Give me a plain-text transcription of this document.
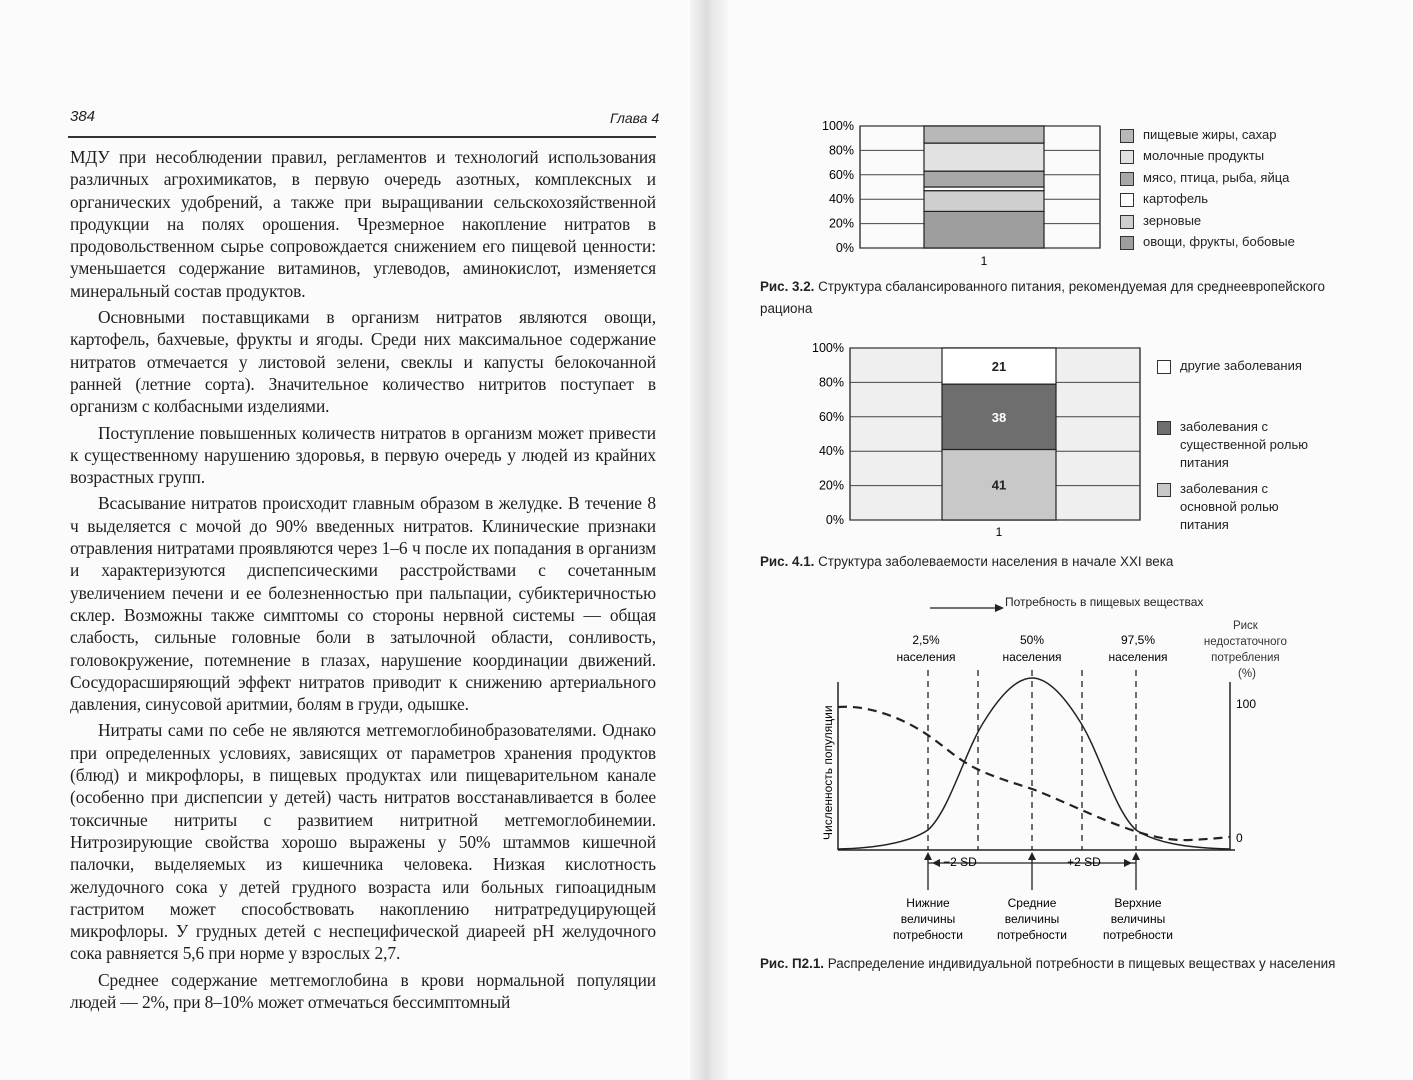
384	Глава 4

МДУ при несоблюдении правил, регламентов и технологий использования различных агрохимикатов, в первую очередь азотных, комплексных и органических удобрений, а также при выращивании сельскохозяйственной продукции на полях орошения. Чрезмерное накопление нитратов в продовольственном сырье сопровождается снижением его пищевой ценности: уменьшается содержание витаминов, углеводов, аминокислот, изменяется минеральный состав продуктов.

Основными поставщиками в организм нитратов являются овощи, картофель, бахчевые, фрукты и ягоды. Среди них максимальное содержание нитратов отмечается у листовой зелени, свеклы и капусты белокочанной ранней (летние сорта). Значительное количество нитритов поступает в организм с колбасными изделиями.

Поступление повышенных количеств нитратов в организм может привести к существенному нарушению здоровья, в первую очередь у людей из крайних возрастных групп.

Всасывание нитратов происходит главным образом в желудке. В течение 8 ч выделяется с мочой до 90% введенных нитратов. Клинические признаки отравления нитратами проявляются через 1–6 ч после их попадания в организм и характеризуются диспепсическими расстройствами с сочетанным увеличением печени и ее болезненностью при пальпации, субиктеричностью склер. Возможны также симптомы со стороны нервной системы — общая слабость, сильные головные боли в затылочной области, сонливость, головокружение, потемнение в глазах, нарушение координации движений. Сосудорасширяющий эффект нитратов приводит к снижению артериального давления, синусовой аритмии, болям в груди, одышке.

Нитраты сами по себе не являются метгемоглобинобразователями. Однако при определенных условиях, зависящих от параметров хранения продуктов (блюд) и микрофлоры, в пищевых продуктах или пищеварительном канале (особенно при диспепсии у детей) часть нитратов восстанавливается в более токсичные нитриты с развитием нитритной метгемоглобинемии. Нитрозирующие свойства хорошо выражены у 50% штаммов кишечной палочки, выделяемых из кишечника человека. Низкая кислотность желудочного сока у детей грудного возраста или больных гипоацидным гастритом может способствовать накоплению нитратредуцирующей микрофлоры. У грудных детей с неспецифической диареей pH желудочного сока равняется 5,6 при норме у взрослых 2,7.

Среднее содержание метгемоглобина в крови нормальной популяции людей — 2%, при 8–10% может отмечаться бессимптомный

0%
20%
40%
60%
80%
100%
1
пищевые жиры, сахар
молочные продукты
мясо, птица, рыба, яйца
картофель
зерновые
овощи, фрукты, бобовые
Рис. 3.2. Структура сбалансированного питания, рекомендуемая для среднеевропейского рациона
0%
20%
40%
60%
80%
100%
41
38
21
1
другие заболевания
заболевания с существенной ролью питания
заболевания с основной ролью питания
Рис. 4.1. Структура заболеваемости населения в начале XXI века
Потребность в пищевых веществах
2,5%
населения
50%
населения
97,5%
населения
Риск недостаточного потребления (%)
100
0
Численность популяции
−2 SD	+2 SD
Нижние величины потребности
Средние величины потребности
Верхние величины потребности
Рис. П2.1. Распределение индивидуальной потребности в пищевых веществах у населения
